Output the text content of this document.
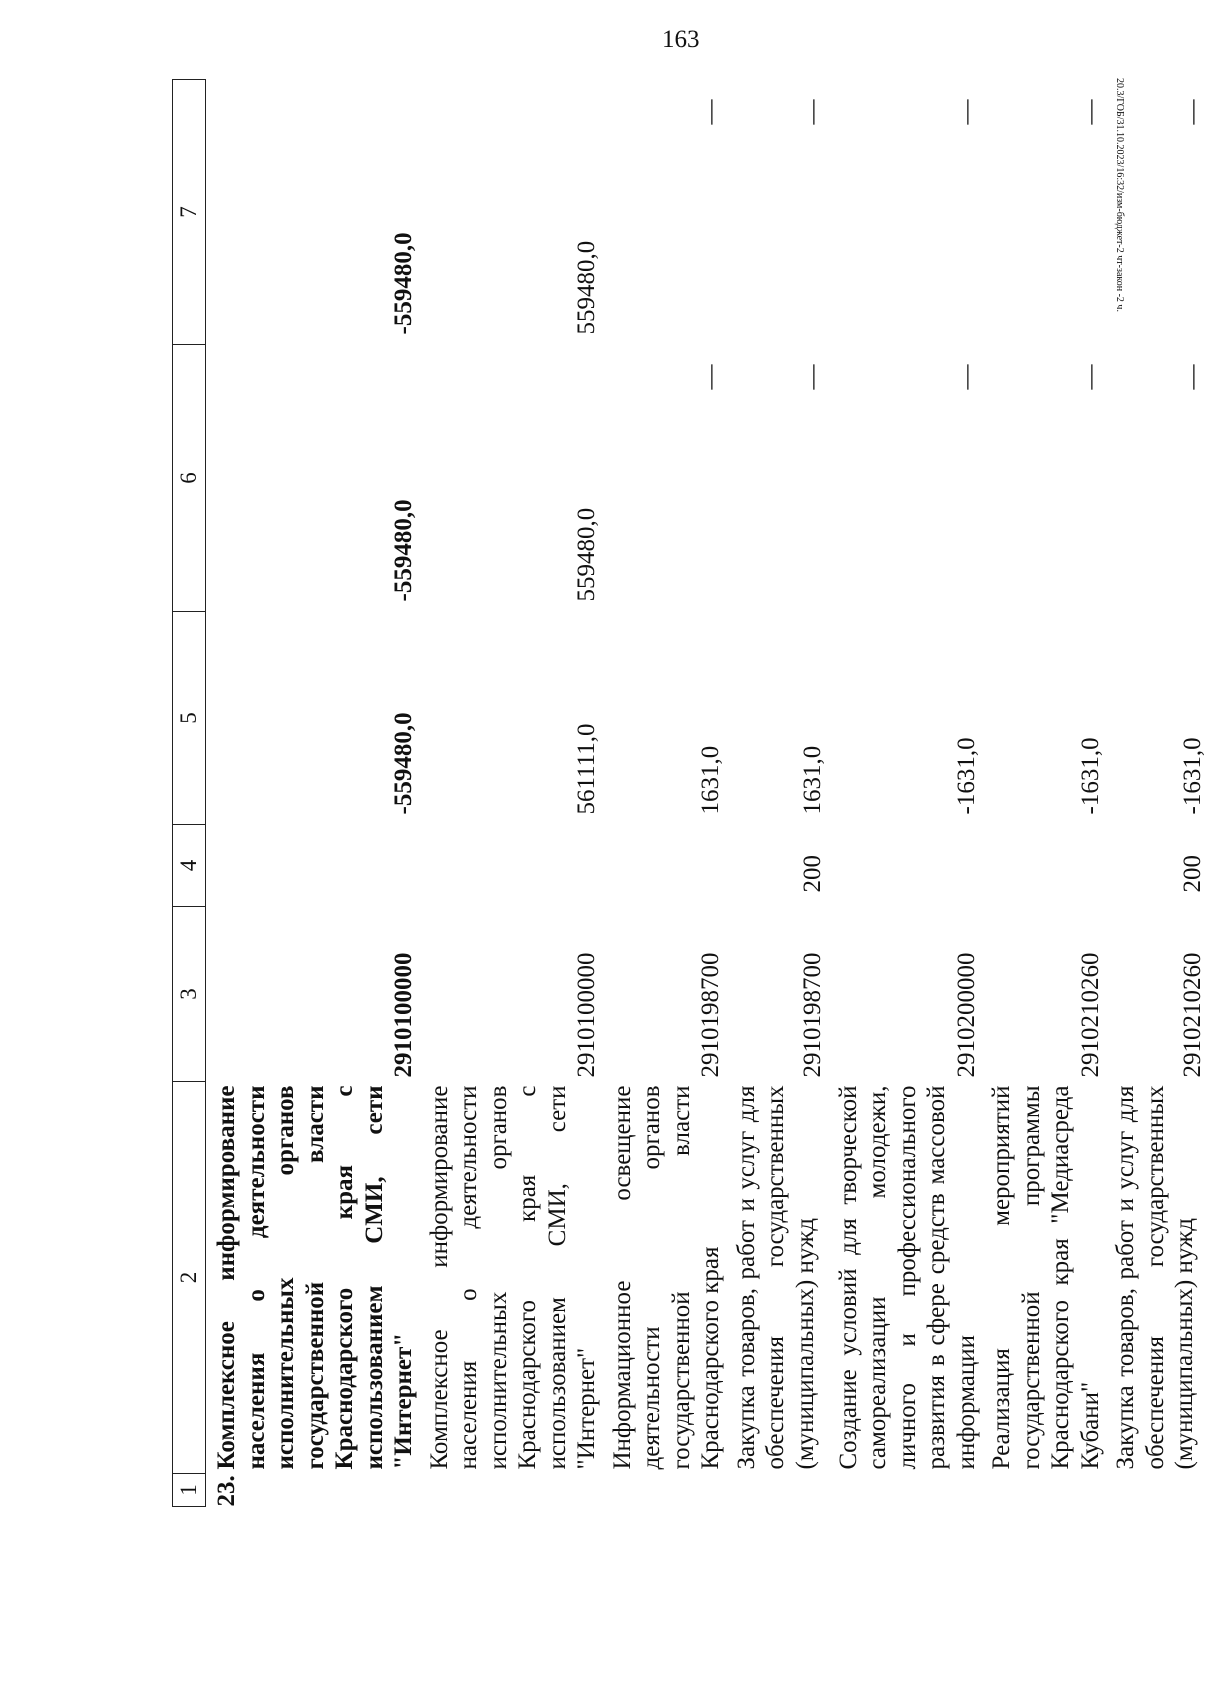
163
20.3/ГОБ/31.10.2023/16:32/изм-бюджет-2 чт-закон -2 ч.
1	2	3	4	5	6	7
23.	Комплексное информирование населения о деятельности исполнительных органов государственной власти Краснодарского края с использованием СМИ, сети "Интернет"	2910100000		-559480,0	-559480,0	-559480,0
	Комплексное информирование населения о деятельности исполнительных органов Краснодарского края с использованием СМИ, сети "Интернет"	2910100000		561111,0	559480,0	559480,0
	Информационное освещение деятельности органов государственной власти Краснодарского края	2910198700		1631,0	—	—
	Закупка товаров, работ и услуг для обеспечения государственных (муниципальных) нужд	2910198700	200	1631,0	—	—
	Создание условий для творческой самореализации молодежи, личного и профессионального развития в сфере средств массовой информации	2910200000		-1631,0	—	—
	Реализация мероприятий государственной программы Краснодарского края "Медиасреда Кубани"	2910210260		-1631,0	—	—
	Закупка товаров, работ и услуг для обеспечения государственных (муниципальных) нужд	2910210260	200	-1631,0	—	—
